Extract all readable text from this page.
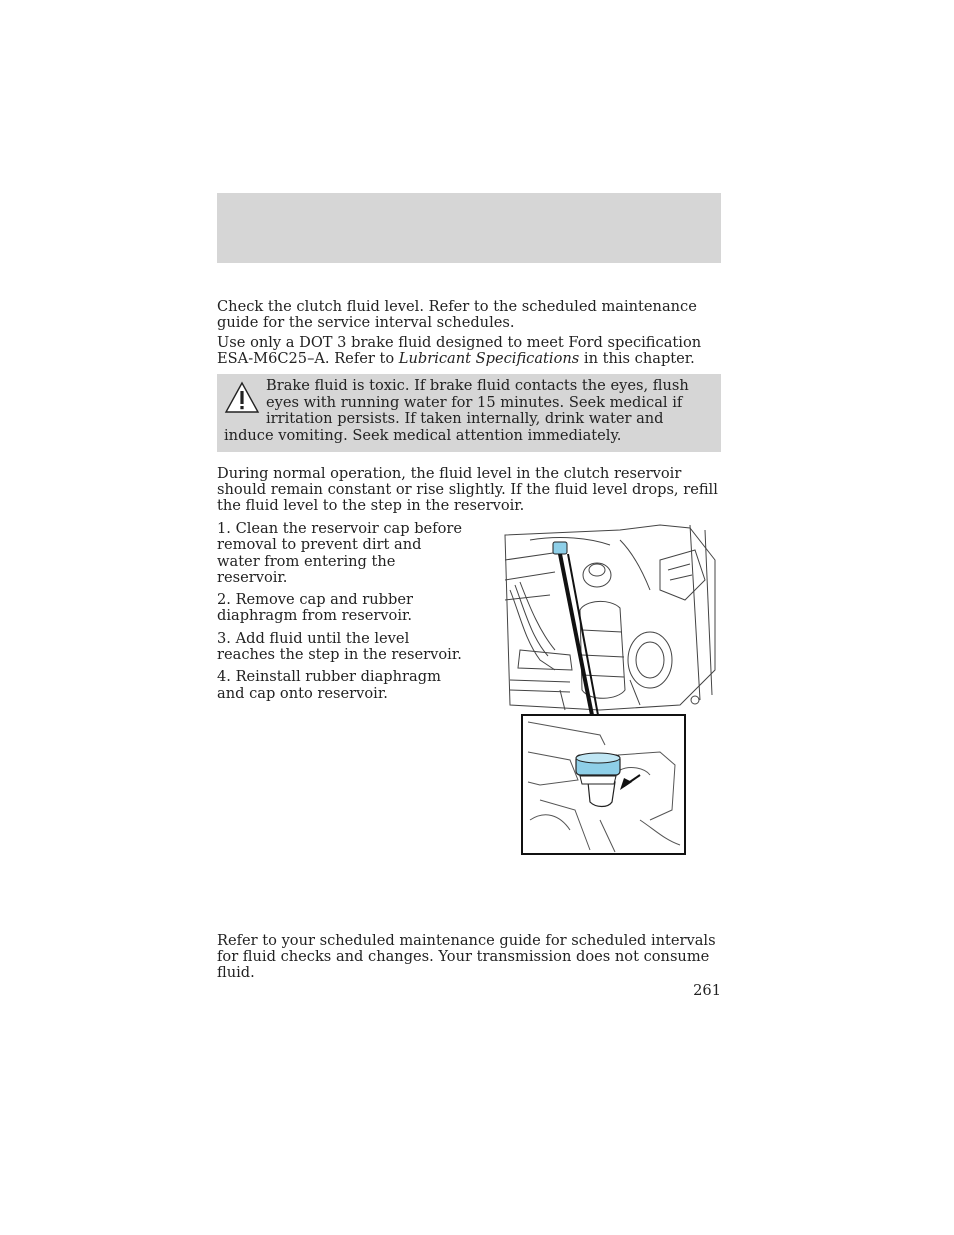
Check the clutch fluid level. Refer to the scheduled maintenance guide for the service interval schedules.

Use only a DOT 3 brake fluid designed to meet Ford specification ESA-M6C25–A. Refer to Lubricant Specifications in this chapter.

Brake fluid is toxic. If brake fluid contacts the eyes, flush eyes with running water for 15 minutes. Seek medical if irritation persists. If taken internally, drink water and induce vomiting. Seek medical attention immediately.

During normal operation, the fluid level in the clutch reservoir should remain constant or rise slightly. If the fluid level drops, refill the fluid level to the step in the reservoir.

1. Clean the reservoir cap before removal to prevent dirt and water from entering the reservoir.

2. Remove cap and rubber diaphragm from reservoir.

3. Add fluid until the level reaches the step in the reservoir.

4. Reinstall rubber diaphragm and cap onto reservoir.

Refer to your scheduled maintenance guide for scheduled intervals for fluid checks and changes. Your transmission does not consume fluid.

261
